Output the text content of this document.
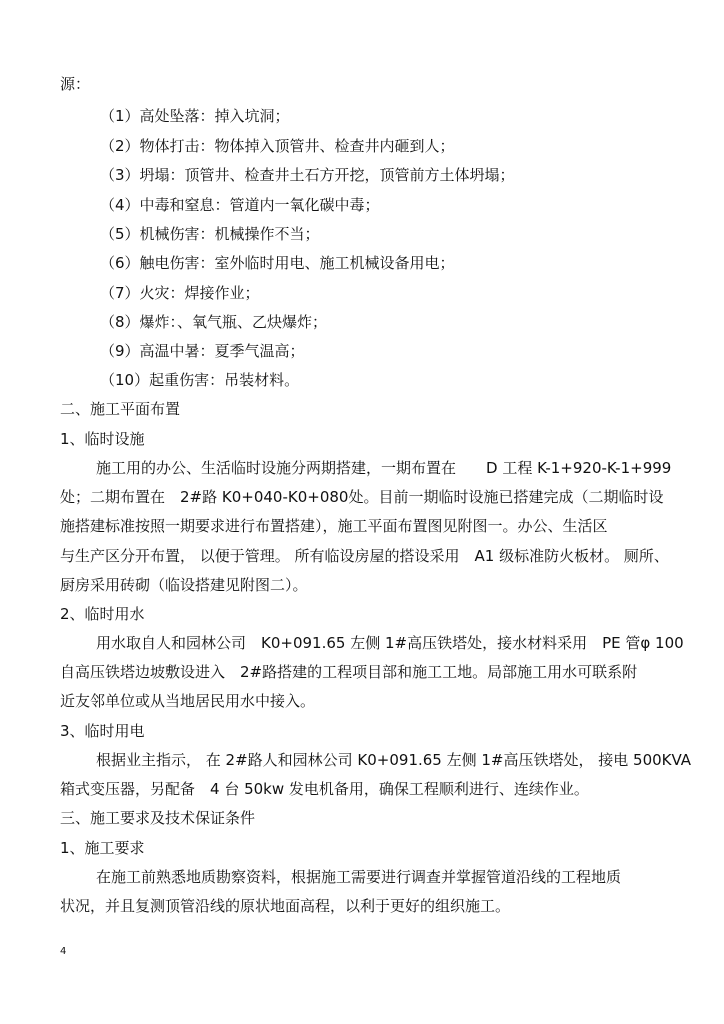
源：
（1）高处坠落：掉入坑洞；
（2）物体打击：物体掉入顶管井、检查井内砸到人；
（3）坍塌：顶管井、检查井土石方开挖，顶管前方土体坍塌；
（4）中毒和窒息：管道内一氧化碳中毒；
（5）机械伤害：机械操作不当；
（6）触电伤害：室外临时用电、施工机械设备用电；
（7）火灾：焊接作业；
（8）爆炸：、氧气瓶、乙炔爆炸；
（9）高温中暑：夏季气温高；
（10）起重伤害：吊装材料。
二、施工平面布置
1、临时设施
施工用的办公、生活临时设施分两期搭建，一期布置在　　D 工程 K-1+920-K-1+999
处；二期布置在　2#路 K0+040-K0+080处。目前一期临时设施已搭建完成（二期临时设
施搭建标准按照一期要求进行布置搭建），施工平面布置图见附图一。办公、生活区
与生产区分开布置， 以便于管理。 所有临设房屋的搭设采用　A1 级标准防火板材。 厕所、
厨房采用砖砌（临设搭建见附图二）。
2、临时用水
用水取自人和园林公司　K0+091.65 左侧 1#高压铁塔处，接水材料采用　PE 管φ 100
自高压铁塔边坡敷设进入　2#路搭建的工程项目部和施工工地。局部施工用水可联系附
近友邻单位或从当地居民用水中接入。
3、临时用电
根据业主指示， 在 2#路人和园林公司 K0+091.65 左侧 1#高压铁塔处， 接电 500KVA
箱式变压器，另配备　4 台 50kw 发电机备用，确保工程顺利进行、连续作业。
三、施工要求及技术保证条件
1、施工要求
在施工前熟悉地质勘察资料，根据施工需要进行调查并掌握管道沿线的工程地质
状况，并且复测顶管沿线的原状地面高程，以利于更好的组织施工。
4
